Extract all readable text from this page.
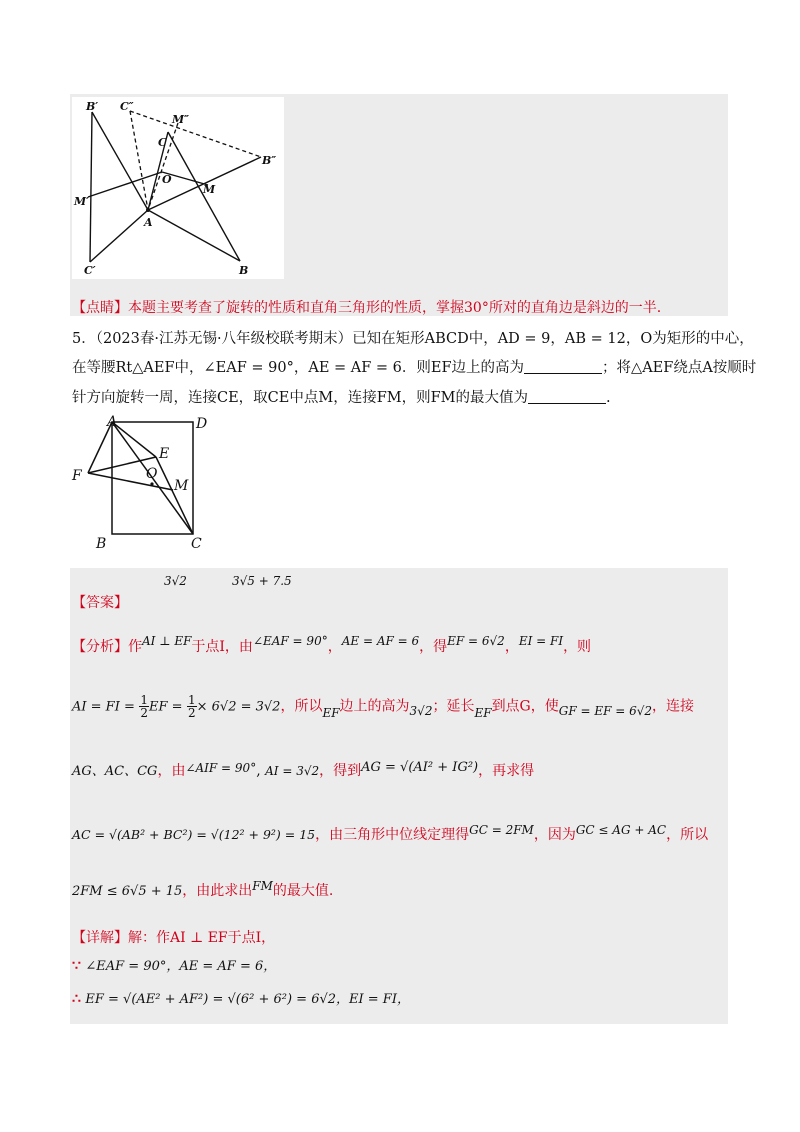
B′ C″
M″
C
B″
O
M
M′
A
C′	B
【点睛】本题主要考查了旋转的性质和直角三角形的性质，掌握30°所对的直角边是斜边的一半.
5．（2023春·江苏无锡·八年级校联考期末）已知在矩形ABCD中，AD = 9，AB = 12，O为矩形的中心，
在等腰Rt△AEF中，∠EAF = 90°，AE = AF = 6．则EF边上的高为	；将△AEF绕点A按顺时
针方向旋转一周，连接CE，取CE中点M，连接FM，则FM的最大值为	.
A	D
E
O
F
M
B	C
【答案】
3√2	3√5 + 7.5
【分析】作AI ⊥ EF于点I，由∠EAF = 90°，AE = AF = 6，得EF = 6√2，EI = FI，则
AI = FI = $\frac{1}{2}$ EF = $\frac{1}{2} \times 6√2 = 3√2$，所以EF边上的高为3√2；延长EF到点G，使GF = EF = 6√2，连接
AG、AC、CG，由∠AIF = 90°, AI = 3√2，得到AG = √(AI² + IG²)，再求得
AC = √(AB² + BC²) = √(12² + 9²) = 15，由三角形中位线定理得GC = 2FM，因为GC ≤ AG + AC，所以
2FM ≤ 6√5 + 15，由此求出FM的最大值.
【详解】解：作AI ⊥ EF于点I，
∵ ∠EAF = 90°，AE = AF = 6，
∴ EF = √(AE² + AF²) = √(6² + 6²) = 6√2，EI = FI，
